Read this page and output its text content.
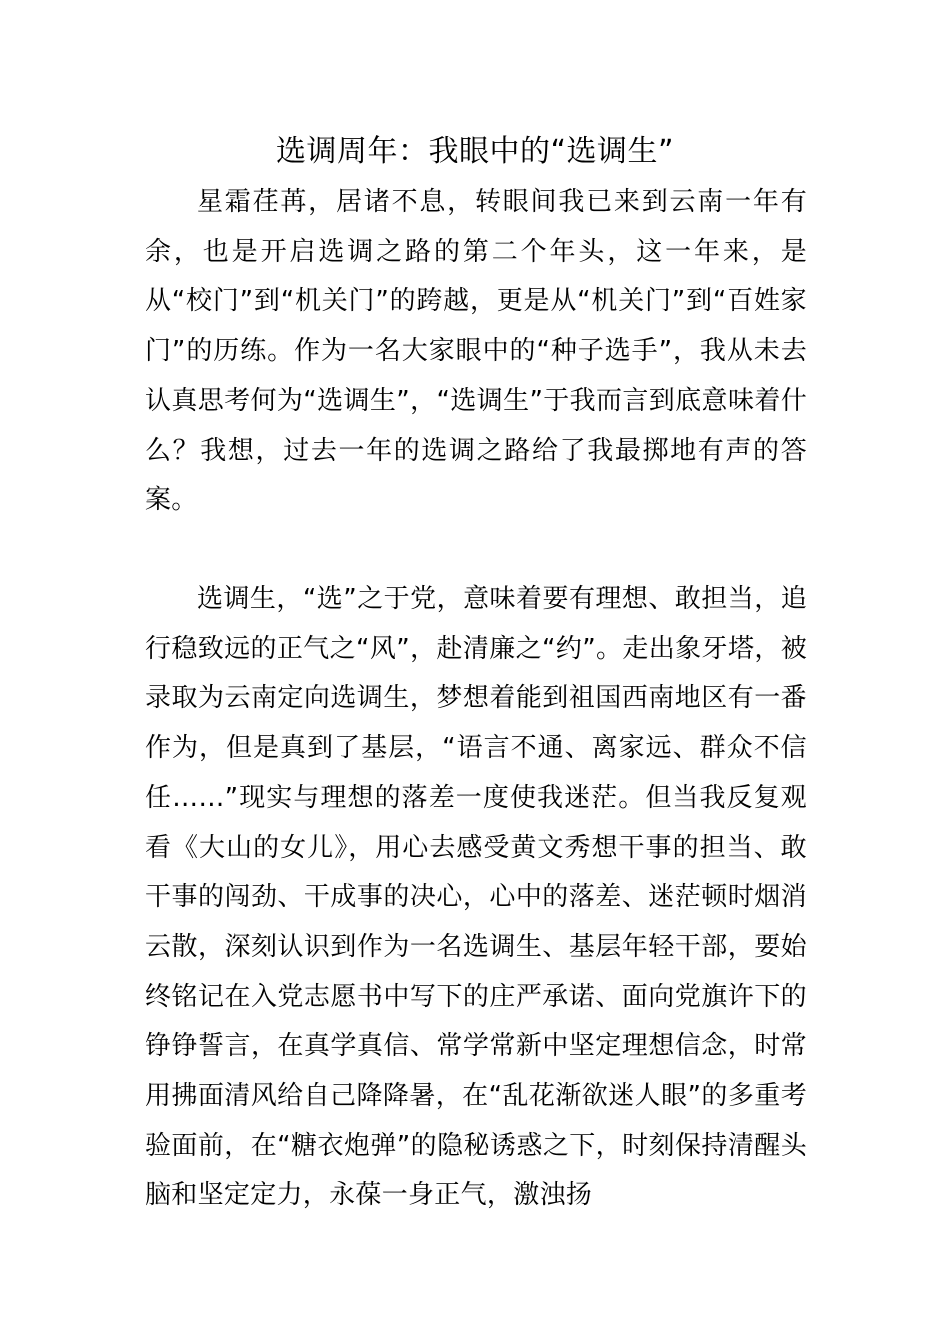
选调周年：我眼中的“选调生”

星霜荏苒，居诸不息，转眼间我已来到云南一年有余，也是开启选调之路的第二个年头，这一年来，是从“校门”到“机关门”的跨越，更是从“机关门”到“百姓家门”的历练。作为一名大家眼中的“种子选手”，我从未去认真思考何为“选调生”，“选调生”于我而言到底意味着什么？我想，过去一年的选调之路给了我最掷地有声的答案。

选调生，“选”之于党，意味着要有理想、敢担当，追行稳致远的正气之“风”，赴清廉之“约”。走出象牙塔，被录取为云南定向选调生，梦想着能到祖国西南地区有一番作为，但是真到了基层，“语言不通、离家远、群众不信任……”现实与理想的落差一度使我迷茫。但当我反复观看《大山的女儿》，用心去感受黄文秀想干事的担当、敢干事的闯劲、干成事的决心，心中的落差、迷茫顿时烟消云散，深刻认识到作为一名选调生、基层年轻干部，要始终铭记在入党志愿书中写下的庄严承诺、面向党旗许下的铮铮誓言，在真学真信、常学常新中坚定理想信念，时常用拂面清风给自己降降暑，在“乱花渐欲迷人眼”的多重考验面前，在“糖衣炮弹”的隐秘诱惑之下，时刻保持清醒头脑和坚定定力，永葆一身正气，激浊扬
